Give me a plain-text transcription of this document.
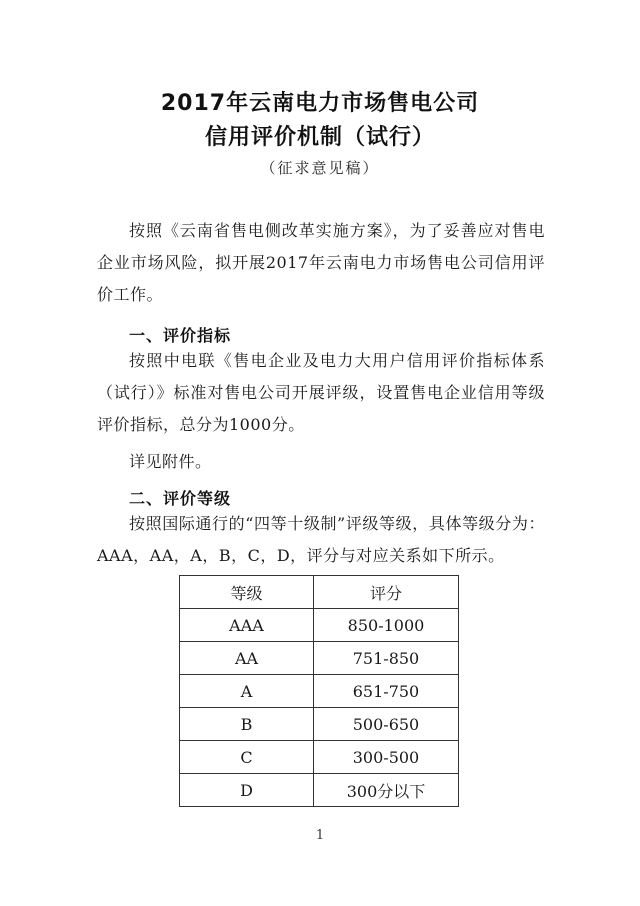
2017年云南电力市场售电公司
信用评价机制（试行）
（征求意见稿）
按照《云南省售电侧改革实施方案》，为了妥善应对售电企业市场风险，拟开展2017年云南电力市场售电公司信用评价工作。
一、评价指标
按照中电联《售电企业及电力大用户信用评价指标体系（试行）》标准对售电公司开展评级，设置售电企业信用等级评价指标，总分为1000分。
详见附件。
二、评价等级
按照国际通行的“四等十级制”评级等级，具体等级分为：AAA，AA，A，B，C，D，评分与对应关系如下所示。
等级	评分
AAA	850-1000
AA	751-850
A	651-750
B	500-650
C	300-500
D	300分以下
1
